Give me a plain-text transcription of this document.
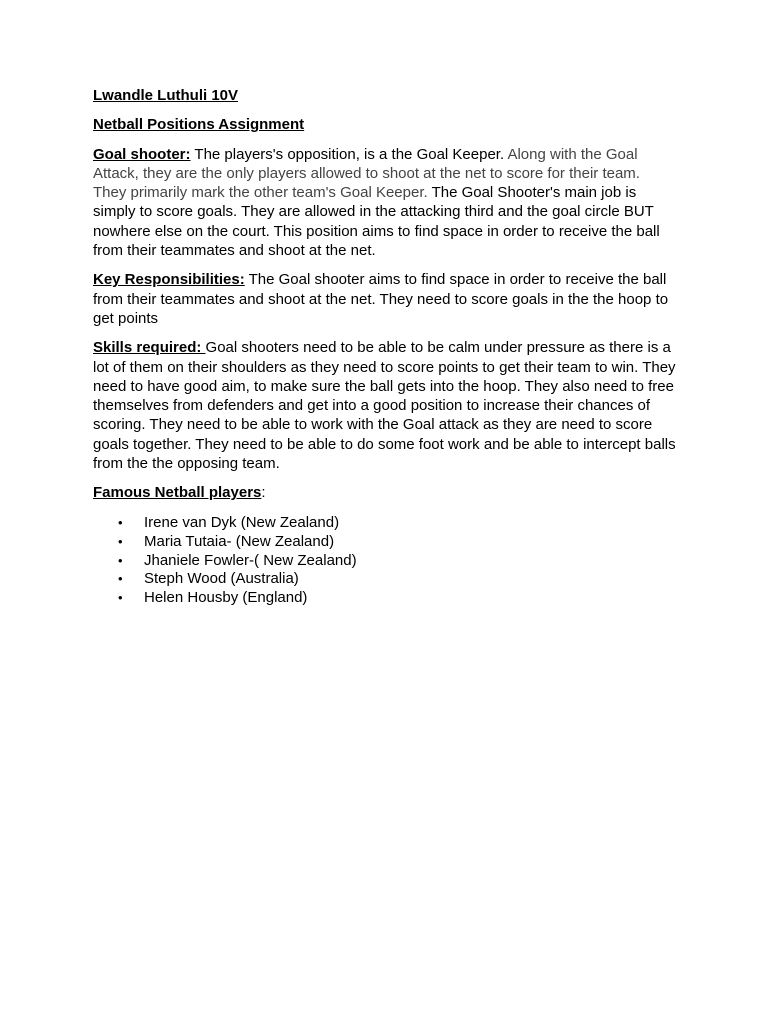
Lwandle Luthuli 10V

Netball Positions Assignment

Goal shooter: The players's opposition, is a the Goal Keeper. Along with the Goal Attack, they are the only players allowed to shoot at the net to score for their team. They primarily mark the other team's Goal Keeper. The Goal Shooter's main job is simply to score goals. They are allowed in the attacking third and the goal circle BUT nowhere else on the court. This position aims to find space in order to receive the ball from their teammates and shoot at the net.

Key Responsibilities: The Goal shooter aims to find space in order to receive the ball from their teammates and shoot at the net. They need to score goals in the the hoop to get points

Skills required: Goal shooters need to be able to be calm under pressure as there is a lot of them on their shoulders as they need to score points to get their team to win. They need to have good aim, to make sure the ball gets into the hoop. They also need to free themselves from defenders and get into a good position to increase their chances of scoring. They need to be able to work with the Goal attack as they are need to score goals together. They need to be able to do some foot work and be able to intercept balls from the the opposing team.

Famous Netball players:

• Irene van Dyk (New Zealand)
• Maria Tutaia- (New Zealand)
• Jhaniele Fowler-( New Zealand)
• Steph Wood (Australia)
• Helen Housby (England)
